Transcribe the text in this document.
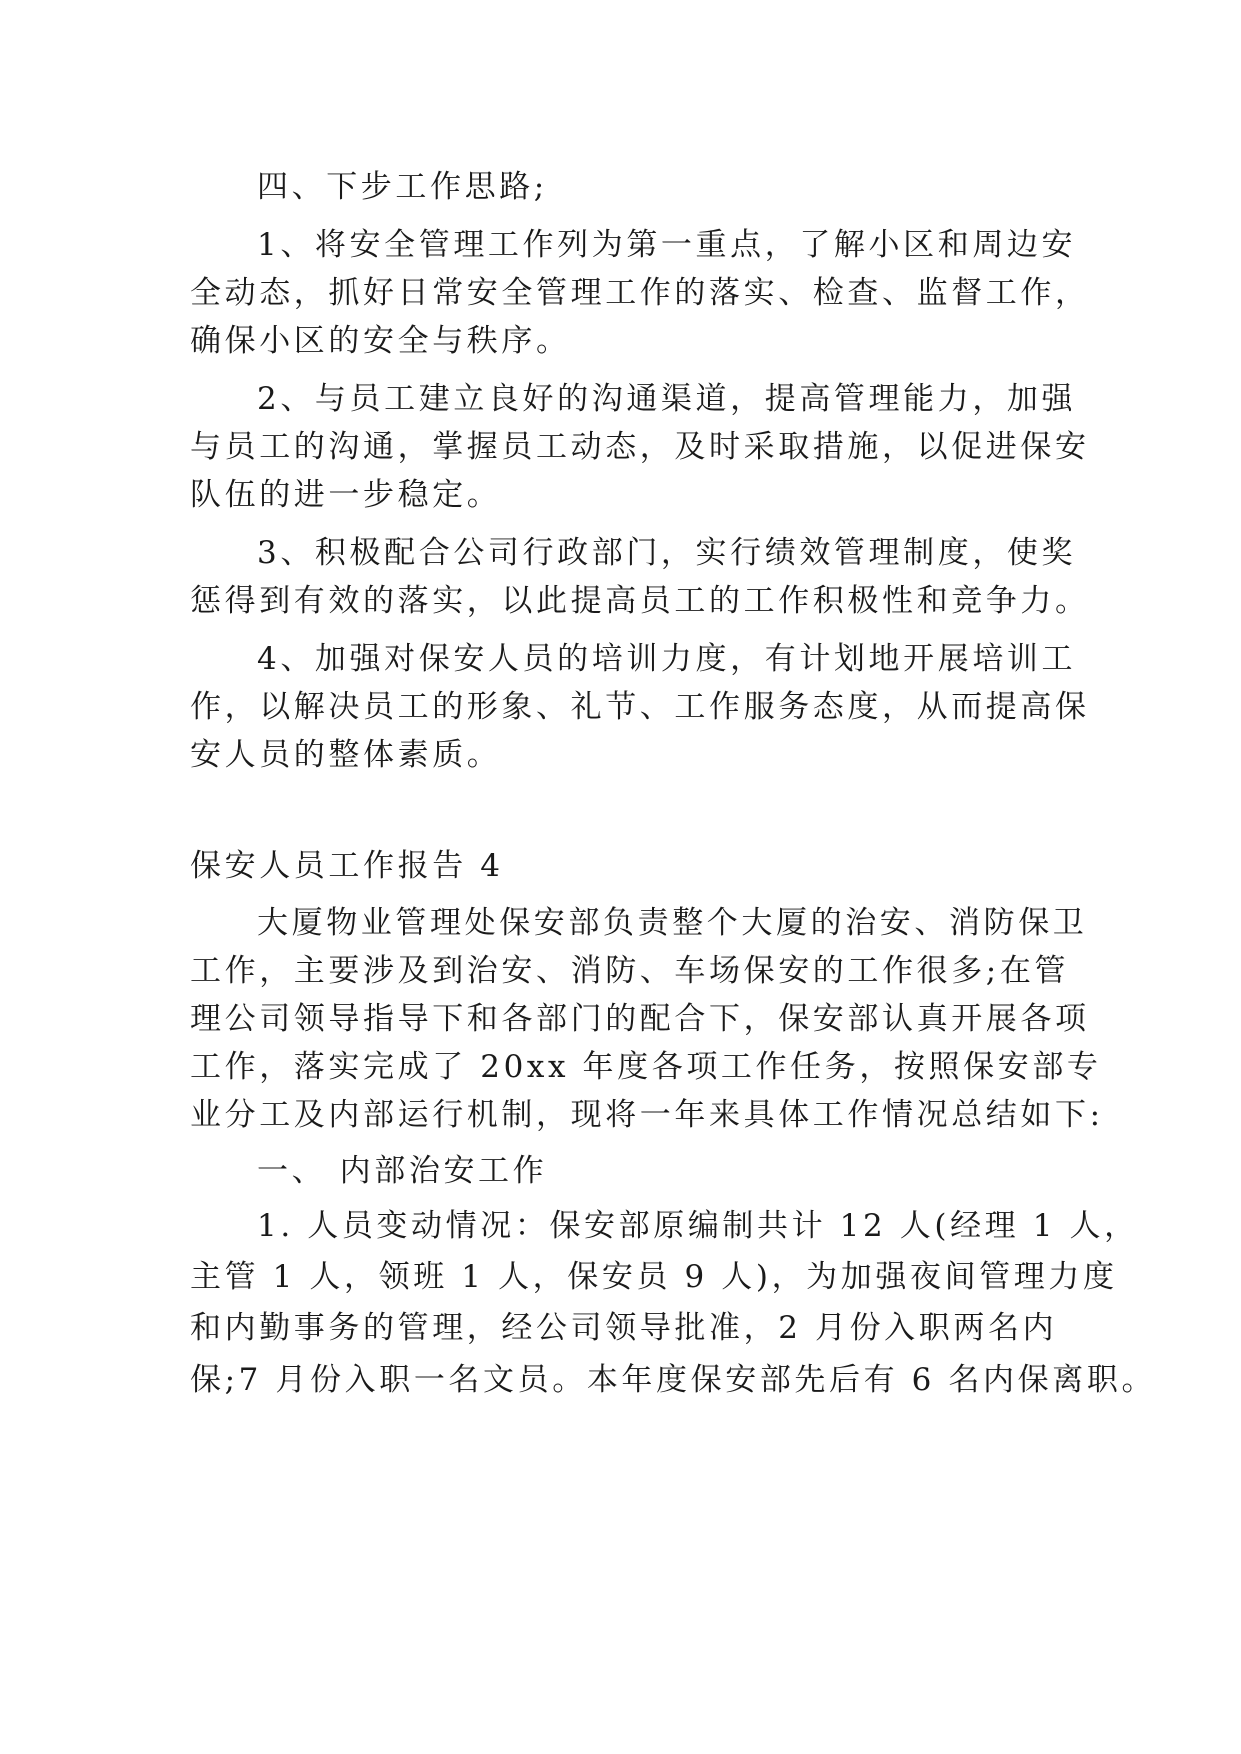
四、下步工作思路;
1、将安全管理工作列为第一重点，了解小区和周边安
全动态，抓好日常安全管理工作的落实、检查、监督工作，
确保小区的安全与秩序。
2、与员工建立良好的沟通渠道，提高管理能力，加强
与员工的沟通，掌握员工动态，及时采取措施，以促进保安
队伍的进一步稳定。
3、积极配合公司行政部门，实行绩效管理制度，使奖
惩得到有效的落实，以此提高员工的工作积极性和竞争力。
4、加强对保安人员的培训力度，有计划地开展培训工
作，以解决员工的形象、礼节、工作服务态度，从而提高保
安人员的整体素质。
保安人员工作报告 4
大厦物业管理处保安部负责整个大厦的治安、消防保卫
工作，主要涉及到治安、消防、车场保安的工作很多;在管
理公司领导指导下和各部门的配合下，保安部认真开展各项
工作，落实完成了 20xx 年度各项工作任务，按照保安部专
业分工及内部运行机制，现将一年来具体工作情况总结如下:
一、 内部治安工作
1. 人员变动情况：保安部原编制共计 12 人(经理 1 人，
主管 1 人，领班 1 人，保安员 9 人)，为加强夜间管理力度
和内勤事务的管理，经公司领导批准，2 月份入职两名内
保;7 月份入职一名文员。本年度保安部先后有 6 名内保离职。
